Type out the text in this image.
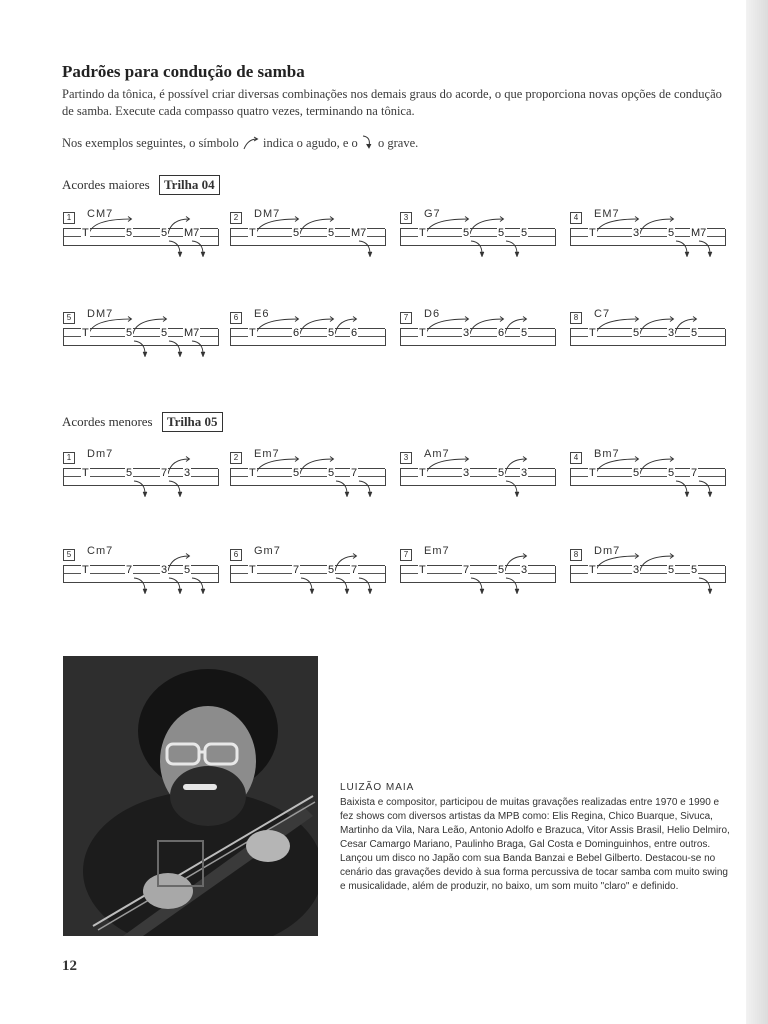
Padrões para condução de samba
Partindo da tônica, é possível criar diversas combinações nos demais graus do acorde, o que proporciona novas opções de condução de samba. Execute cada compasso quatro vezes, terminando na tônica.
Nos exemplos seguintes, o símbolo indica o agudo, e o o grave.
Acordes maiores Trilha 04
1	CM7
T	5	5 M7
2	DM7
T	5	5 M7
3	G7
T	5	5 5
4	EM7
T	3	5 M7
5	DM7
T	5	5 M7
6	E6
T	6	5 6
7	D6
T	3	6 5
8	C7
T	5	3 5
Acordes menores Trilha 05
1	Dm7
T	5	7 3
2	Em7
T	5	5 7
3	Am7
T	3	5 3
4	Bm7
T	5	5 7
5	Cm7
T	7	3 5
6	Gm7
T	7	5 7
7	Em7
T	7	5 3
8	Dm7
T	3	5 5
LUIZÃO MAIA
Baixista e compositor, participou de muitas gravações realizadas entre 1970 e 1990 e fez shows com diversos artistas da MPB como: Elis Regina, Chico Buarque, Sivuca, Martinho da Vila, Nara Leão, Antonio Adolfo e Brazuca, Vitor Assis Brasil, Helio Delmiro, Cesar Camargo Mariano, Paulinho Braga, Gal Costa e Dominguinhos, entre outros. Lançou um disco no Japão com sua Banda Banzai e Bebel Gilberto. Destacou-se no cenário das gravações devido à sua forma percussiva de tocar samba com muito swing e musicalidade, além de produzir, no baixo, um som muito "claro" e definido.
12
